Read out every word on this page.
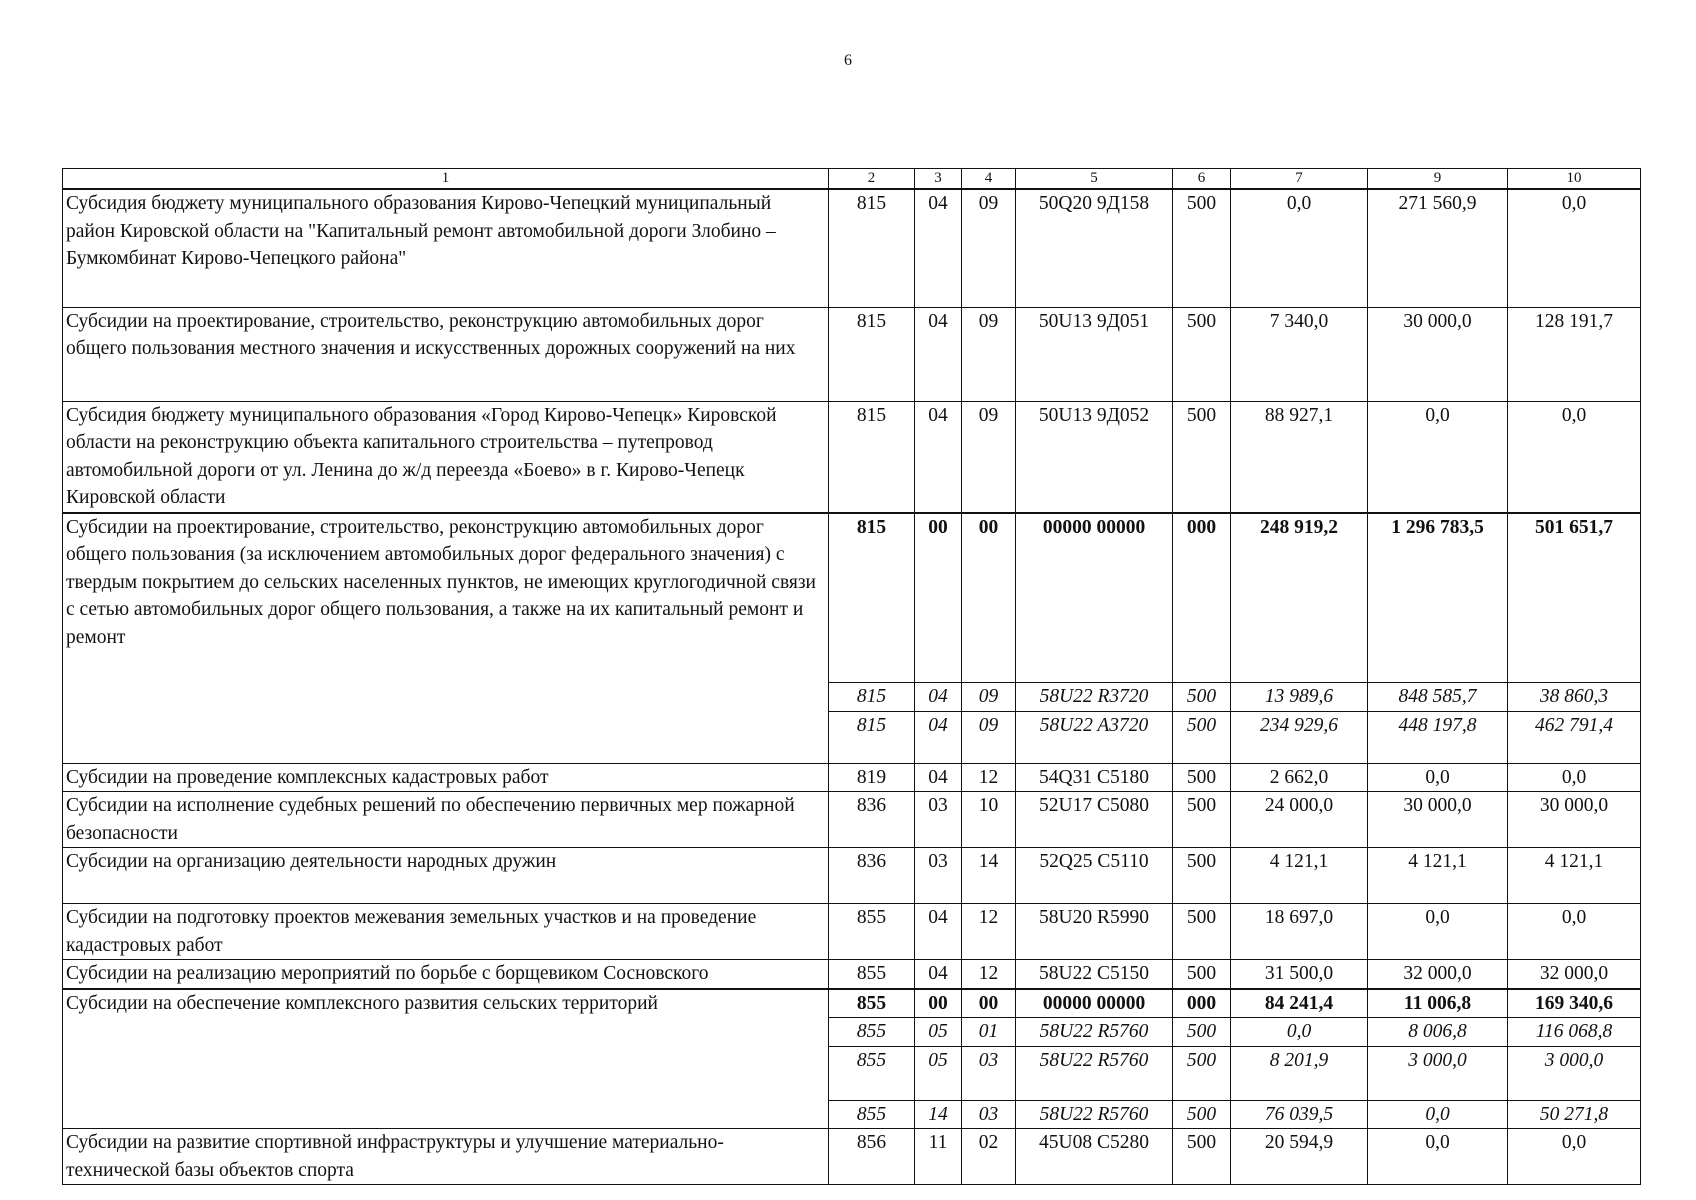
6
1	2	3	4	5	6	7	9	10
Субсидия бюджету муниципального образования Кирово-Чепецкий муниципальный район Кировской области на "Капитальный ремонт автомобильной дороги Злобино – Бумкомбинат Кирово-Чепецкого района"	815	04	09	50Q20 9Д158	500	0,0	271 560,9	0,0
Субсидии на проектирование, строительство, реконструкцию автомобильных дорог общего пользования местного значения и искусственных дорожных сооружений на них	815	04	09	50U13 9Д051	500	7 340,0	30 000,0	128 191,7
Субсидия бюджету муниципального образования «Город Кирово-Чепецк» Кировской области на реконструкцию объекта капитального строительства – путепровод автомобильной дороги от ул. Ленина до ж/д переезда «Боево» в г. Кирово-Чепецк Кировской области	815	04	09	50U13 9Д052	500	88 927,1	0,0	0,0
Субсидии на проектирование, строительство, реконструкцию автомобильных дорог общего пользования (за исключением автомобильных дорог федерального значения) с твердым покрытием до сельских населенных пунктов, не имеющих круглогодичной связи с сетью автомобильных дорог общего пользования, а также на их капитальный ремонт и ремонт	815	00	00	00000 00000	000	248 919,2	1 296 783,5	501 651,7
	815	04	09	58U22 R3720	500	13 989,6	848 585,7	38 860,3
	815	04	09	58U22 A3720	500	234 929,6	448 197,8	462 791,4
Субсидии на проведение комплексных кадастровых работ	819	04	12	54Q31 C5180	500	2 662,0	0,0	0,0
Субсидии на исполнение судебных решений по обеспечению первичных мер пожарной безопасности	836	03	10	52U17 C5080	500	24 000,0	30 000,0	30 000,0
Субсидии на организацию деятельности народных дружин	836	03	14	52Q25 C5110	500	4 121,1	4 121,1	4 121,1
Субсидии на подготовку проектов межевания земельных участков и на проведение кадастровых работ	855	04	12	58U20 R5990	500	18 697,0	0,0	0,0
Субсидии на реализацию мероприятий по борьбе с борщевиком Сосновского	855	04	12	58U22 C5150	500	31 500,0	32 000,0	32 000,0
Субсидии на обеспечение комплексного развития сельских территорий	855	00	00	00000 00000	000	84 241,4	11 006,8	169 340,6
	855	05	01	58U22 R5760	500	0,0	8 006,8	116 068,8
	855	05	03	58U22 R5760	500	8 201,9	3 000,0	3 000,0
	855	14	03	58U22 R5760	500	76 039,5	0,0	50 271,8
Субсидии на развитие спортивной инфраструктуры и улучшение материально-технической базы объектов спорта	856	11	02	45U08 C5280	500	20 594,9	0,0	0,0
